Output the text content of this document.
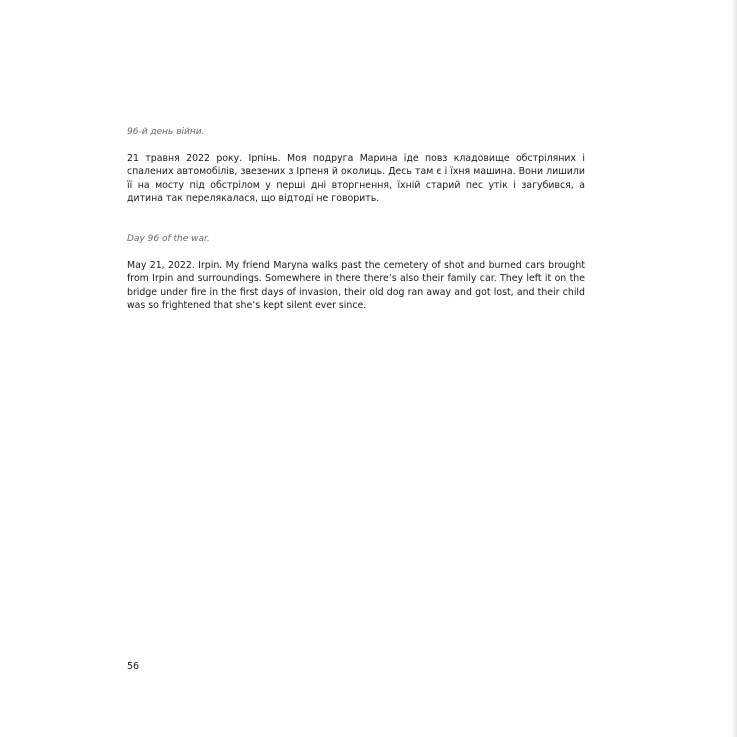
96-й день війни.

21 травня 2022 року. Ірпінь. Моя подруга Марина іде повз кладовище обстріляних і спалених автомобілів, звезених з Ірпеня й околиць. Десь там є і їхня машина. Вони лишили її на мосту під обстрілом у перші дні вторгнення, їхній старий пес утік і загубився, а дитина так перелякалася, що відтоді не говорить.

Day 96 of the war.

May 21, 2022. Irpin. My friend Maryna walks past the cemetery of shot and burned cars brought from Irpin and surroundings. Somewhere in there there’s also their family car. They left it on the bridge under fire in the first days of invasion, their old dog ran away and got lost, and their child was so frightened that she’s kept silent ever since.

56
